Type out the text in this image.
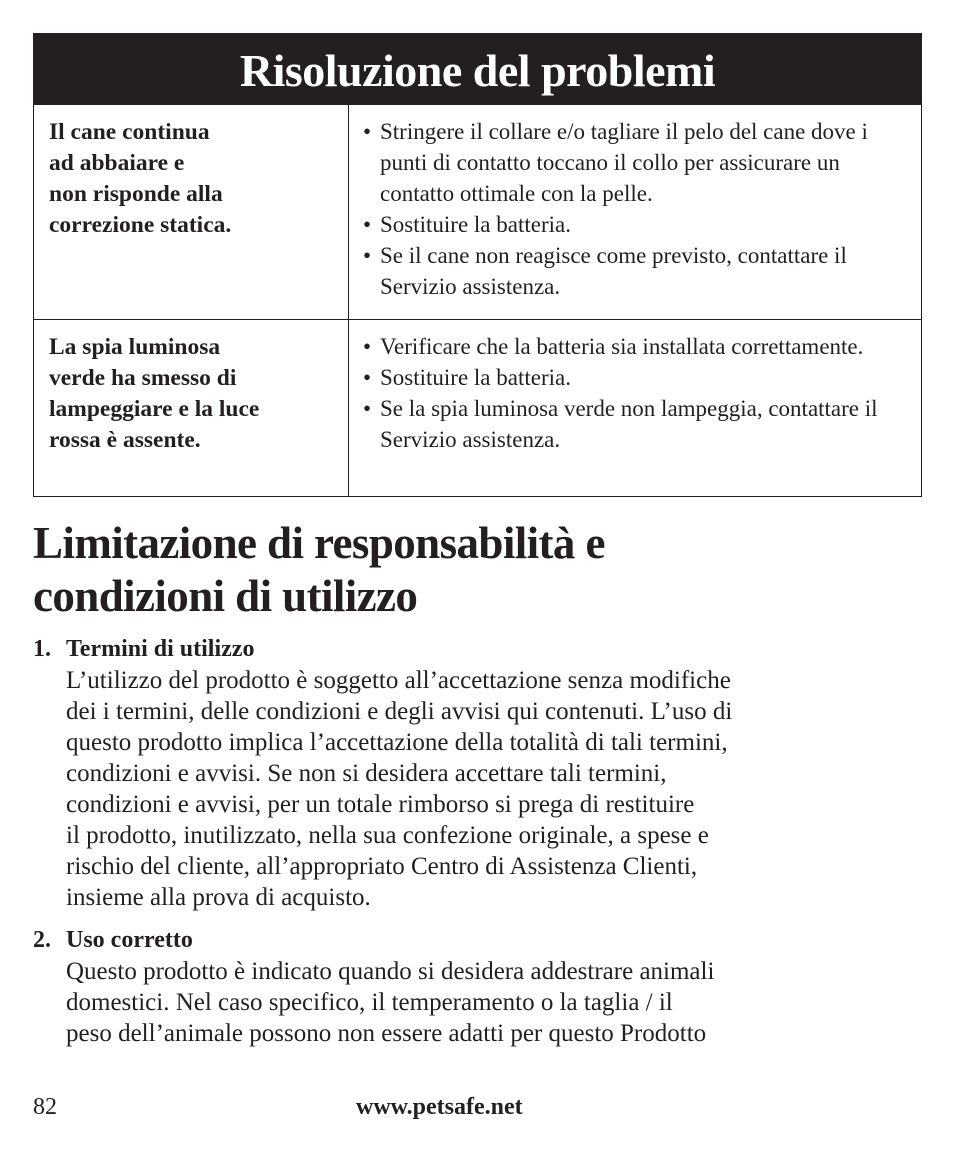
Risoluzione del problemi
Il cane continua
ad abbaiare e
non risponde alla
correzione statica.
• Stringere il collare e/o tagliare il pelo del cane dove i punti di contatto toccano il collo per assicurare un contatto ottimale con la pelle.
• Sostituire la batteria.
• Se il cane non reagisce come previsto, contattare il Servizio assistenza.
La spia luminosa
verde ha smesso di
lampeggiare e la luce
rossa è assente.
• Verificare che la batteria sia installata correttamente.
• Sostituire la batteria.
• Se la spia luminosa verde non lampeggia, contattare il Servizio assistenza.
Limitazione di responsabilità e
condizioni di utilizzo
1. Termini di utilizzo
L’utilizzo del prodotto è soggetto all’accettazione senza modifiche
dei i termini, delle condizioni e degli avvisi qui contenuti. L’uso di
questo prodotto implica l’accettazione della totalità di tali termini,
condizioni e avvisi. Se non si desidera accettare tali termini,
condizioni e avvisi, per un totale rimborso si prega di restituire
il prodotto, inutilizzato, nella sua confezione originale, a spese e
rischio del cliente, all’appropriato Centro di Assistenza Clienti,
insieme alla prova di acquisto.
2. Uso corretto
Questo prodotto è indicato quando si desidera addestrare animali
domestici. Nel caso specifico, il temperamento o la taglia / il
peso dell’animale possono non essere adatti per questo Prodotto
82	www.petsafe.net
